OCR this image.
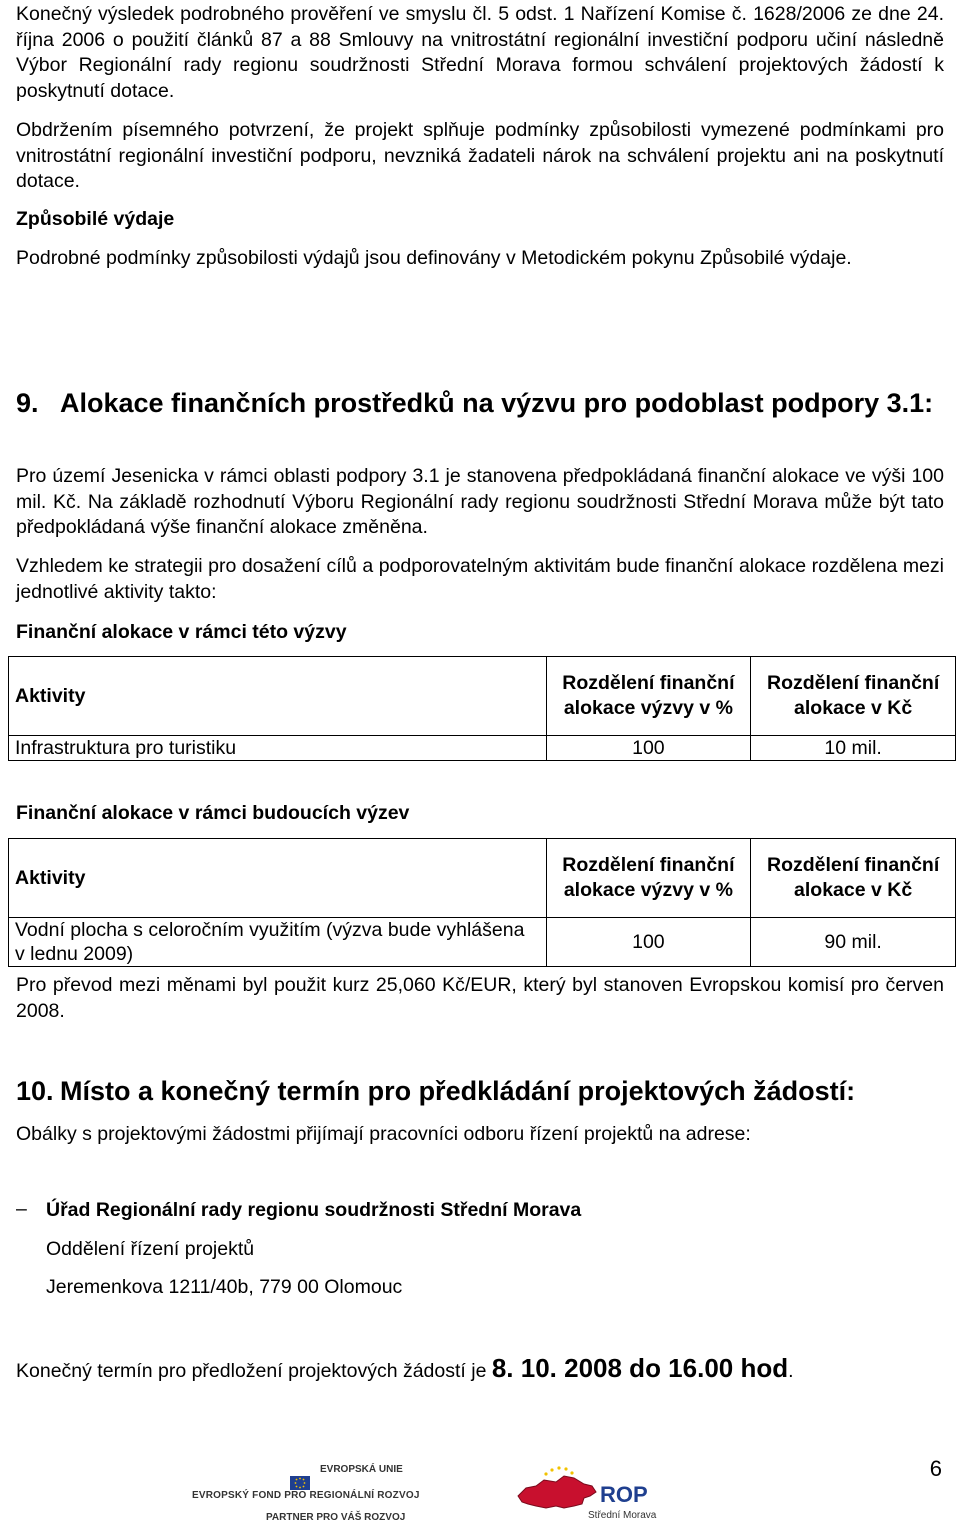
Konečný výsledek podrobného prověření ve smyslu čl. 5 odst. 1 Nařízení Komise č. 1628/2006 ze dne 24. října 2006 o použití článků 87 a 88 Smlouvy na vnitrostátní regionální investiční podporu učiní následně Výbor Regionální rady regionu soudržnosti Střední Morava formou schválení projektových žádostí k poskytnutí dotace.

Obdržením písemného potvrzení, že projekt splňuje podmínky způsobilosti vymezené podmínkami pro vnitrostátní regionální investiční podporu, nevzniká žadateli nárok na schválení projektu ani na poskytnutí dotace.

Způsobilé výdaje

Podrobné podmínky způsobilosti výdajů jsou definovány v Metodickém pokynu Způsobilé výdaje.

9. Alokace finančních prostředků na výzvu pro podoblast podpory 3.1:

Pro území Jesenicka v rámci oblasti podpory 3.1 je stanovena předpokládaná finanční alokace ve výši 100 mil. Kč. Na základě rozhodnutí Výboru Regionální rady regionu soudržnosti Střední Morava může být tato předpokládaná výše finanční alokace změněna.

Vzhledem ke strategii pro dosažení cílů a podporovatelným aktivitám bude finanční alokace rozdělena mezi jednotlivé aktivity takto:

Finanční alokace v rámci této výzvy
Aktivity	Rozdělení finanční alokace výzvy v %	Rozdělení finanční alokace v Kč
Infrastruktura pro turistiku	100	10 mil.
Finanční alokace v rámci budoucích výzev
Aktivity	Rozdělení finanční alokace výzvy v %	Rozdělení finanční alokace v Kč
Vodní plocha s celoročním využitím (výzva bude vyhlášena v lednu 2009)	100	90 mil.

Pro převod mezi měnami byl použit kurz 25,060 Kč/EUR, který byl stanoven Evropskou komisí pro červen 2008.

10. Místo a konečný termín pro předkládání projektových žádostí:

Obálky s projektovými žádostmi přijímají pracovníci odboru řízení projektů na adrese:

– Úřad Regionální rady regionu soudržnosti Střední Morava

Oddělení řízení projektů

Jeremenkova 1211/40b, 779 00 Olomouc

Konečný termín pro předložení projektových žádostí je 8. 10. 2008 do 16.00 hod.

6
EVROPSKÁ UNIE
EVROPSKÝ FOND PRO REGIONÁLNÍ ROZVOJ
PARTNER PRO VÁŠ ROZVOJ
ROP
Střední Morava
